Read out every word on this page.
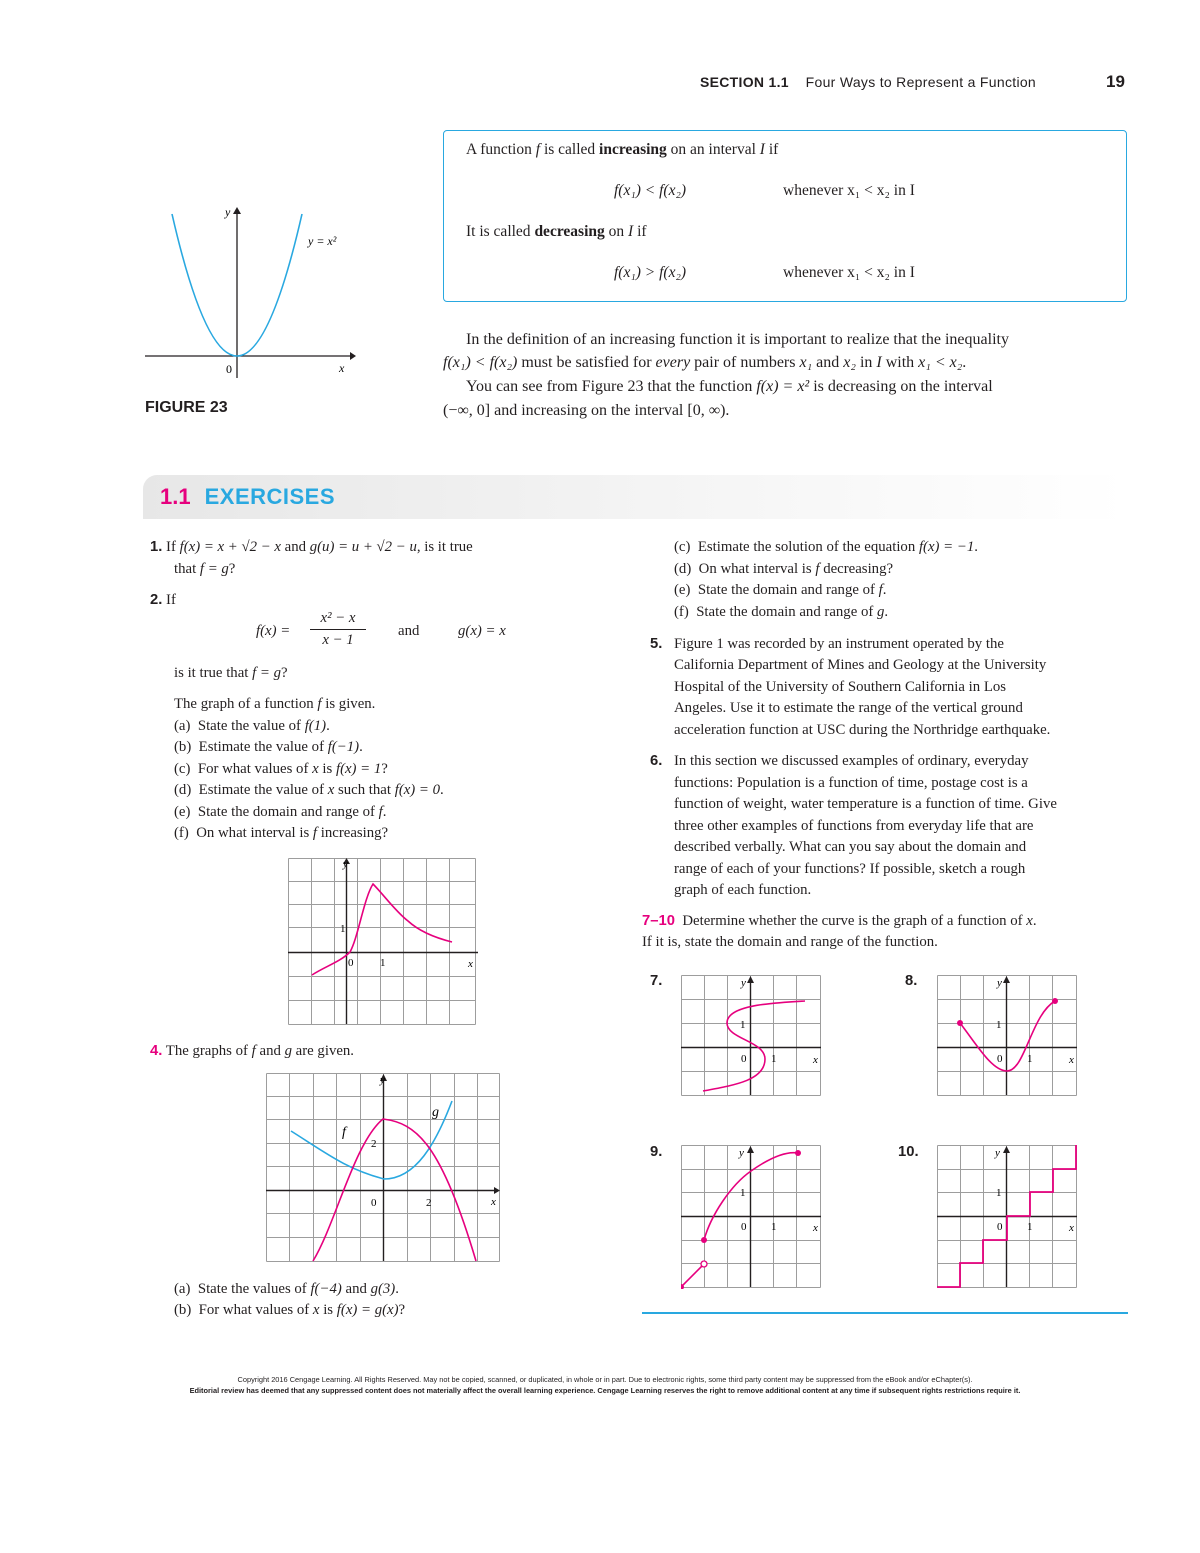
SECTION 1.1 Four Ways to Represent a Function	19
y
x
0
y = x²
FIGURE 23
A function f is called increasing on an interval I if
f(x₁) < f(x₂)	whenever x₁ < x₂ in I
It is called decreasing on I if
f(x₁) > f(x₂)	whenever x₁ < x₂ in I
In the definition of an increasing function it is important to realize that the inequality
f(x₁) < f(x₂) must be satisfied for every pair of numbers x₁ and x₂ in I with x₁ < x₂.
You can see from Figure 23 that the function f(x) = x² is decreasing on the interval
(−∞, 0] and increasing on the interval [0, ∞).
1.1 EXERCISES
1. If f(x) = x + √2 − x and g(u) = u + √2 − u, is it true
that f = g?
2. If
f(x) =
x² − x
x − 1
and	g(x) = x
is it true that f = g?
The graph of a function f is given.
(a) State the value of f(1).
(b) Estimate the value of f(−1).
(c) For what values of x is f(x) = 1?
(d) Estimate the value of x such that f(x) = 0.
(e) State the domain and range of f.
(f) On what interval is f increasing?
y
x
0 1
1
4. The graphs of f and g are given.
y
x
0	2
2
f
g
(a) State the values of f(−4) and g(3).
(b) For what values of x is f(x) = g(x)?
(c) Estimate the solution of the equation f(x) = −1.
(d) On what interval is f decreasing?
(e) State the domain and range of f.
(f) State the domain and range of g.
5. Figure 1 was recorded by an instrument operated by the
California Department of Mines and Geology at the University
Hospital of the University of Southern California in Los
Angeles. Use it to estimate the range of the vertical ground
acceleration function at USC during the Northridge earthquake.
6. In this section we discussed examples of ordinary, everyday
functions: Population is a function of time, postage cost is a
function of weight, water temperature is a function of time. Give
three other examples of functions from everyday life that are
described verbally. What can you say about the domain and
range of each of your functions? If possible, sketch a rough
graph of each function.
7–10 Determine whether the curve is the graph of a function of x.
If it is, state the domain and range of the function.
7.	8.
9.	10.
y
x
0 1
1
y
x
0 1
1
y
x
0 1
1
y
x
0 1
1
Copyright 2016 Cengage Learning. All Rights Reserved. May not be copied, scanned, or duplicated, in whole or in part. Due to electronic rights, some third party content may be suppressed from the eBook and/or eChapter(s).
Editorial review has deemed that any suppressed content does not materially affect the overall learning experience. Cengage Learning reserves the right to remove additional content at any time if subsequent rights restrictions require it.
